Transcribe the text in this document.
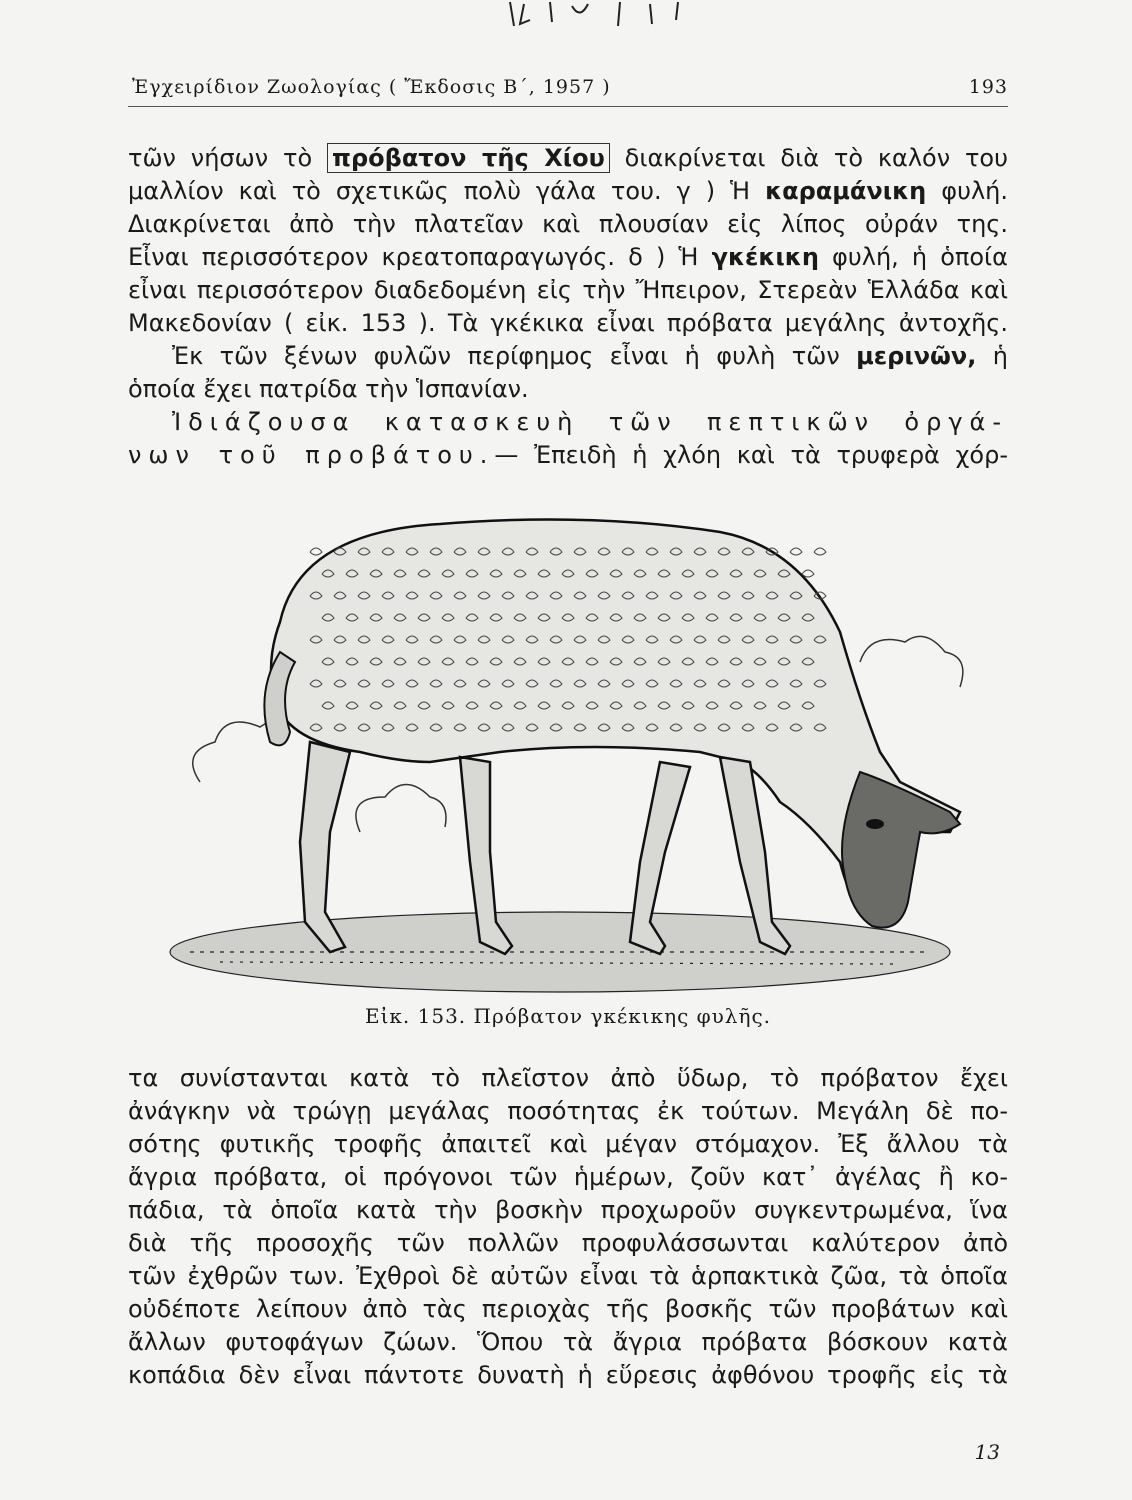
Ἐγχειρίδιον Ζωολογίας ( Ἔκδοσις Β΄, 1957 )	193
τῶν νήσων τὸ πρόβατον τῆς Χίου διακρίνεται διὰ τὸ καλόν του
μαλλίον καὶ τὸ σχετικῶς πολὺ γάλα του. γ ) Ἡ καραμάνικη φυλή.
Διακρίνεται ἀπὸ τὴν πλατεῖαν καὶ πλουσίαν εἰς λίπος οὐράν της.
Εἶναι περισσότερον κρεατοπαραγωγός. δ ) Ἡ γκέκικη φυλή, ἡ ὁποία
εἶναι περισσότερον διαδεδομένη εἰς τὴν Ἤπειρον, Στερεὰν Ἑλλάδα καὶ
Μακεδονίαν ( εἰκ. 153 ). Τὰ γκέκικα εἶναι πρόβατα μεγάλης ἀντοχῆς.
Ἐκ τῶν ξένων φυλῶν περίφημος εἶναι ἡ φυλὴ τῶν μερινῶν, ἡ
ὁποία ἔχει πατρίδα τὴν Ἱσπανίαν.
Ἰδιάζουσα κατασκευὴ τῶν πεπτικῶν ὀργά-
νων τοῦ προβάτου.— Ἐπειδὴ ἡ χλόη καὶ τὰ τρυφερὰ χόρ-
Εἰκ. 153. Πρόβατον γκέκικης φυλῆς.
τα συνίστανται κατὰ τὸ πλεῖστον ἀπὸ ὕδωρ, τὸ πρόβατον ἔχει
ἀνάγκην νὰ τρώγῃ μεγάλας ποσότητας ἐκ τούτων. Μεγάλη δὲ πο-
σότης φυτικῆς τροφῆς ἀπαιτεῖ καὶ μέγαν στόμαχον. Ἐξ ἄλλου τὰ
ἄγρια πρόβατα, οἱ πρόγονοι τῶν ἡμέρων, ζοῦν κατ᾿ ἀγέλας ἢ κο-
πάδια, τὰ ὁποῖα κατὰ τὴν βοσκὴν προχωροῦν συγκεντρωμένα, ἵνα
διὰ τῆς προσοχῆς τῶν πολλῶν προφυλάσσωνται καλύτερον ἀπὸ
τῶν ἐχθρῶν των. Ἐχθροὶ δὲ αὐτῶν εἶναι τὰ ἁρπακτικὰ ζῶα, τὰ ὁποῖα
οὐδέποτε λείπουν ἀπὸ τὰς περιοχὰς τῆς βοσκῆς τῶν προβάτων καὶ
ἄλλων φυτοφάγων ζώων. Ὅπου τὰ ἄγρια πρόβατα βόσκουν κατὰ
κοπάδια δὲν εἶναι πάντοτε δυνατὴ ἡ εὕρεσις ἀφθόνου τροφῆς εἰς τὰ
13
